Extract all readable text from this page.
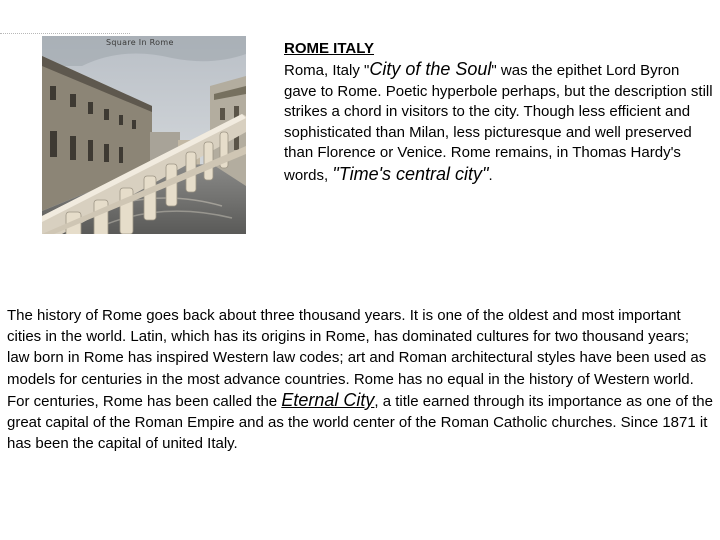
Square In Rome	ROME ITALY

Roma, Italy "City of the Soul" was the epithet Lord Byron gave to Rome. Poetic hyperbole perhaps, but the description still strikes a chord in visitors to the city. Though less efficient and sophisticated than Milan, less picturesque and well preserved than Florence or Venice. Rome remains, in Thomas Hardy's words, "Time's central city".

The history of Rome goes back about three thousand years. It is one of the oldest and most important cities in the world. Latin, which has its origins in Rome, has dominated cultures for two thousand years; law born in Rome has inspired Western law codes; art and Roman architectural styles have been used as models for centuries in the most advance countries. Rome has no equal in the history of Western world. For centuries, Rome has been called the Eternal City, a title earned through its importance as one of the great capital of the Roman Empire and as the world center of the Roman Catholic churches. Since 1871 it has been the capital of united Italy.
